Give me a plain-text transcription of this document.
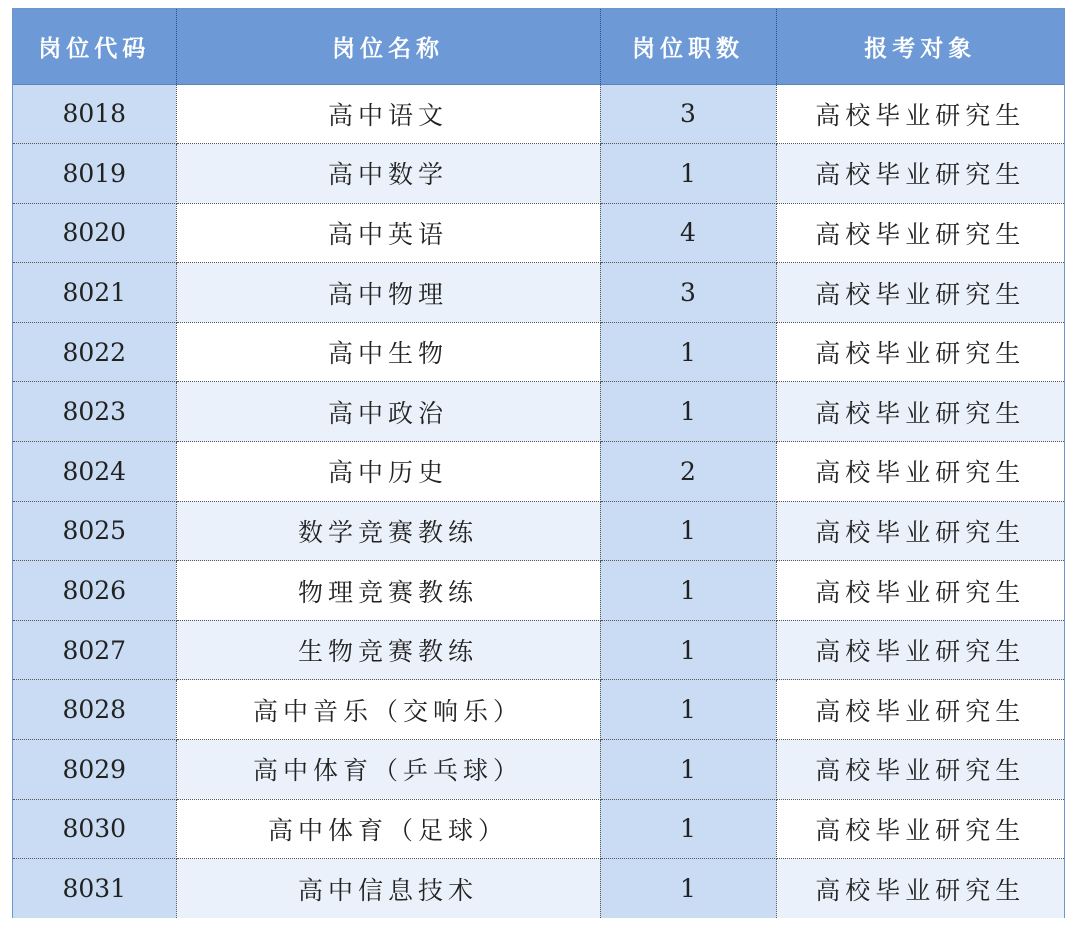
岗位代码	岗位名称	岗位职数	报考对象
8018	高中语文	3	高校毕业研究生
8019	高中数学	1	高校毕业研究生
8020	高中英语	4	高校毕业研究生
8021	高中物理	3	高校毕业研究生
8022	高中生物	1	高校毕业研究生
8023	高中政治	1	高校毕业研究生
8024	高中历史	2	高校毕业研究生
8025	数学竞赛教练	1	高校毕业研究生
8026	物理竞赛教练	1	高校毕业研究生
8027	生物竞赛教练	1	高校毕业研究生
8028	高中音乐（交响乐）	1	高校毕业研究生
8029	高中体育（乒乓球）	1	高校毕业研究生
8030	高中体育（足球）	1	高校毕业研究生
8031	高中信息技术	1	高校毕业研究生
